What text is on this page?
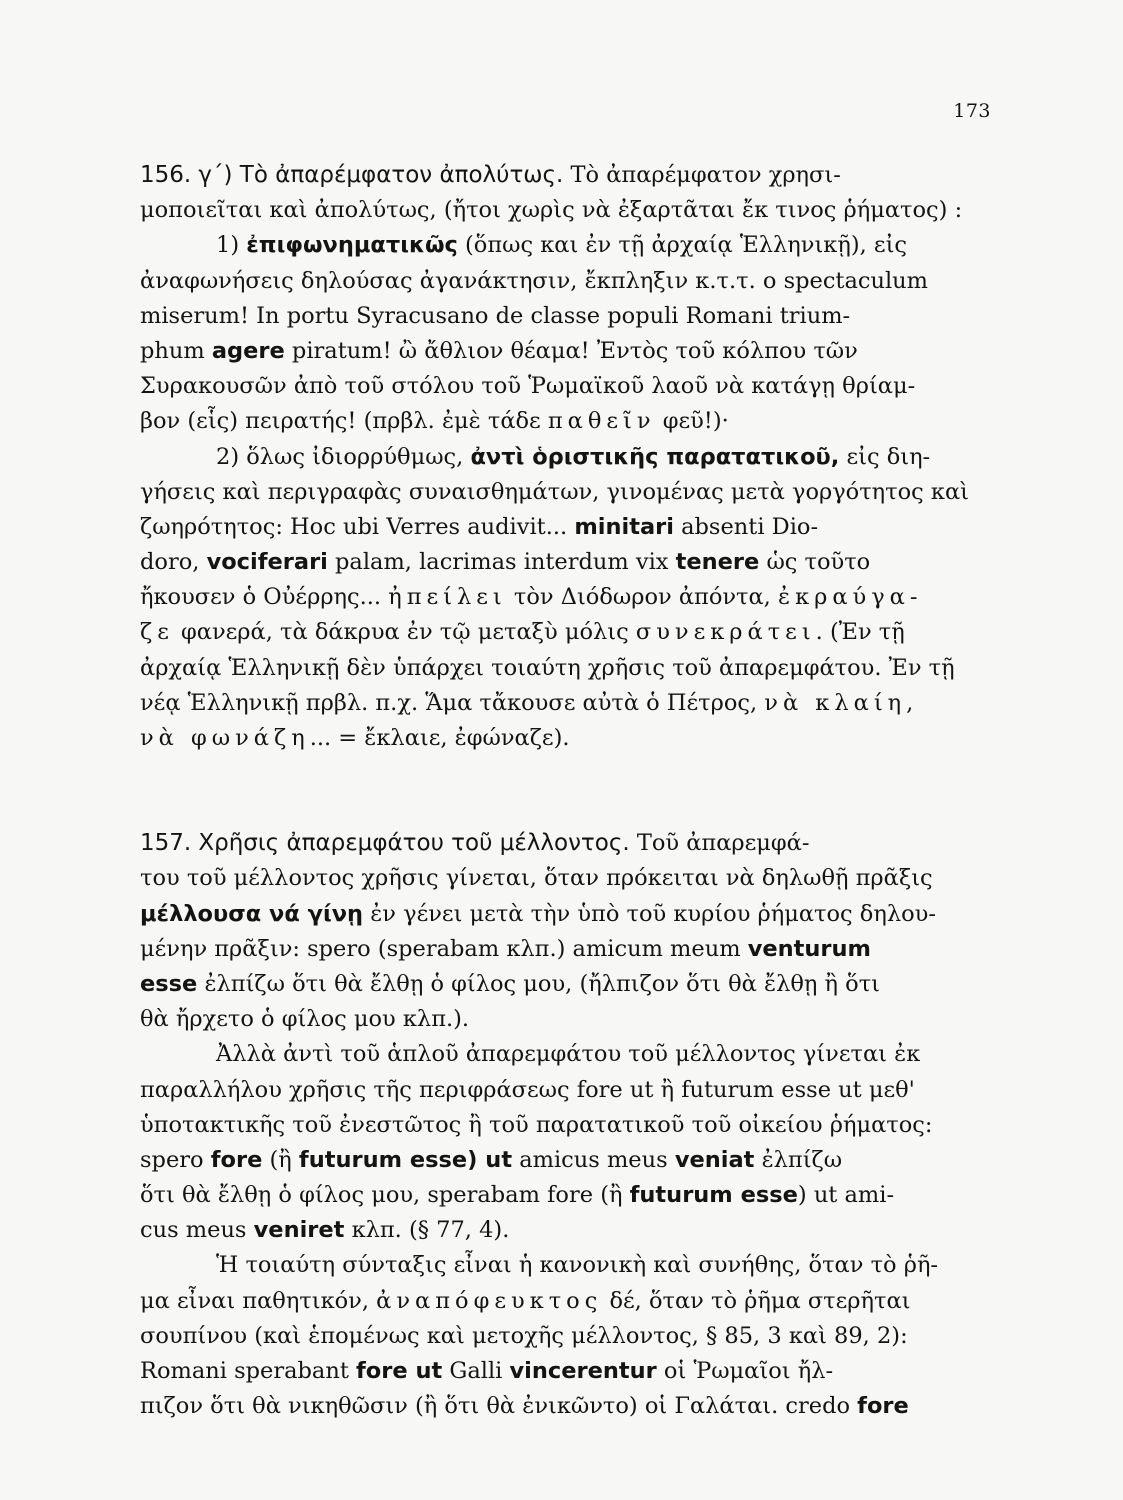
173
156. γ΄) Τὸ ἀπαρέμφατον ἀπολύτως. Τὸ ἀπαρέμφατον χρησι-
μοποιεῖται καὶ ἀπολύτως, (ἤτοι χωρὶς νὰ ἐξαρτᾶται ἔκ τινος ῥήματος) :
1) ἐπιφωνηματικῶς (ὅπως και ἐν τῇ ἀρχαίᾳ Ἑλληνικῇ), εἰς
ἀναφωνήσεις δηλούσας ἀγανάκτησιν, ἔκπληξιν κ.τ.τ. o spectaculum
miserum! In portu Syracusano de classe populi Romani trium-
phum agere piratum! ὢ ἄθλιον θέαμα! Ἐντὸς τοῦ κόλπου τῶν
Συρακουσῶν ἀπὸ τοῦ στόλου τοῦ Ῥωμαϊκοῦ λαοῦ νὰ κατάγῃ θρίαμ-
βον (εἷς) πειρατής! (πρβλ. ἐμὲ τάδε παθεῖν φεῦ!)·
2) ὅλως ἰδιορρύθμως, ἀντὶ ὁριστικῆς παρατατικοῦ, εἰς διη-
γήσεις καὶ περιγραφὰς συναισθημάτων, γινομένας μετὰ γοργότητος καὶ
ζωηρότητος: Hoc ubi Verres audivit... minitari absenti Dio-
doro, vociferari palam, lacrimas interdum vix tenere ὡς τοῦτο
ἤκουσεν ὁ Οὐέρρης... ἠπείλει τὸν Διόδωρον ἀπόντα, ἐκραύγα-
ζε φανερά, τὰ δάκρυα ἐν τῷ μεταξὺ μόλις συνεκράτει. (Ἐν τῇ
ἀρχαίᾳ Ἑλληνικῇ δὲν ὑπάρχει τοιαύτη χρῆσις τοῦ ἀπαρεμφάτου. Ἐν τῇ
νέᾳ Ἑλληνικῇ πρβλ. π.χ. Ἅμα τἄκουσε αὐτὰ ὁ Πέτρος, νὰ κλαίη,
νὰ φωνάζη... = ἔκλαιε, ἐφώναζε).
157. Χρῆσις ἀπαρεμφάτου τοῦ μέλλοντος. Τοῦ ἀπαρεμφά-
του τοῦ μέλλοντος χρῆσις γίνεται, ὅταν πρόκειται νὰ δηλωθῇ πρᾶξις
μέλλουσα νά γίνῃ ἐν γένει μετὰ τὴν ὑπὸ τοῦ κυρίου ῥήματος δηλου-
μένην πρᾶξιν: spero (sperabam κλπ.) amicum meum venturum
esse ἐλπίζω ὅτι θὰ ἔλθῃ ὁ φίλος μου, (ἤλπιζον ὅτι θὰ ἔλθῃ ἢ ὅτι
θὰ ἤρχετο ὁ φίλος μου κλπ.).
Ἀλλὰ ἀντὶ τοῦ ἁπλοῦ ἀπαρεμφάτου τοῦ μέλλοντος γίνεται ἐκ
παραλλήλου χρῆσις τῆς περιφράσεως fore ut ἢ futurum esse ut μεθ'
ὑποτακτικῆς τοῦ ἐνεστῶτος ἢ τοῦ παρατατικοῦ τοῦ οἰκείου ῥήματος:
spero fore (ἢ futurum esse) ut amicus meus veniat ἐλπίζω
ὅτι θὰ ἔλθῃ ὁ φίλος μου, sperabam fore (ἢ futurum esse) ut ami-
cus meus veniret κλπ. (§ 77, 4).
Ἡ τοιαύτη σύνταξις εἶναι ἡ κανονικὴ καὶ συνήθης, ὅταν τὸ ῥῆ-
μα εἶναι παθητικόν, ἀναπόφευκτος δέ, ὅταν τὸ ῥῆμα στερῆται
σουπίνου (καὶ ἑπομένως καὶ μετοχῆς μέλλοντος, § 85, 3 καὶ 89, 2):
Romani sperabant fore ut Galli vincerentur οἱ Ῥωμαῖοι ἤλ-
πιζον ὅτι θὰ νικηθῶσιν (ἢ ὅτι θὰ ἐνικῶντο) οἱ Γαλάται. credo fore
